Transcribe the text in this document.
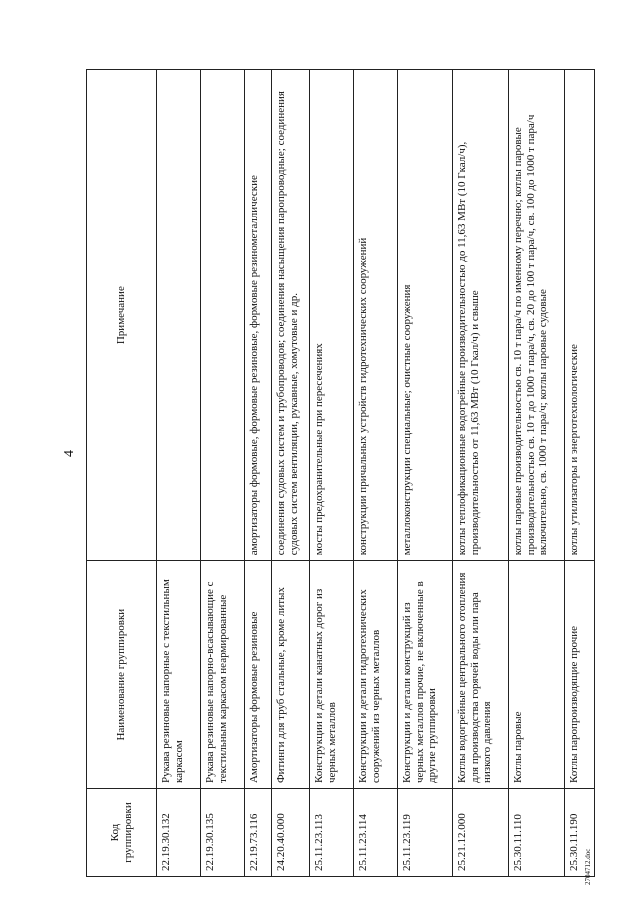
4
Код группировки	Наименование группировки	Примечание
22.19.30.132	Рукава резиновые напорные с текстильным каркасом	
22.19.30.135	Рукава резиновые напорно-всасывающие с текстильным каркасом неармированные	
22.19.73.116	Амортизаторы формовые резиновые	амортизаторы формовые, формовые резиновые, формовые резинометаллические
24.20.40.000	Фитинги для труб стальные, кроме литых	соединения судовых систем и трубопроводов; соединения насыщения паропроводные; соединения судовых систем вентиляции, рукавные, хомутовые и др.
25.11.23.113	Конструкции и детали канатных дорог из черных металлов	мосты предохранительные при пересечениях
25.11.23.114	Конструкции и детали гидротехнических сооружений из черных металлов	конструкции причальных устройств гидротехнических сооружений
25.11.23.119	Конструкции и детали конструкций из черных металлов прочие, не включенные в другие группировки	металлоконструкции специальные; очистные сооружения
25.21.12.000	Котлы водогрейные центрального отопления для производства горячей воды или пара низкого давления	котлы теплофикационные водогрейные производительностью до 11,63 МВт (10 Гкал/ч), производительностью от 11,63 МВт (10 Гкал/ч) и свыше
25.30.11.110	Котлы паровые	котлы паровые производительностью св. 10 т пара/ч по именному перечню; котлы паровые производительностью св. 10 т до 1000 т пара/ч, св. 20 до 100 т пара/ч, св. 100 до 1000 т пара/ч включительно, св. 1000 т пара/ч; котлы паровые судовые
25.30.11.190	Котлы паропроизводящие прочие	котлы утилизаторы и энерготехнологические
2704712.doc
